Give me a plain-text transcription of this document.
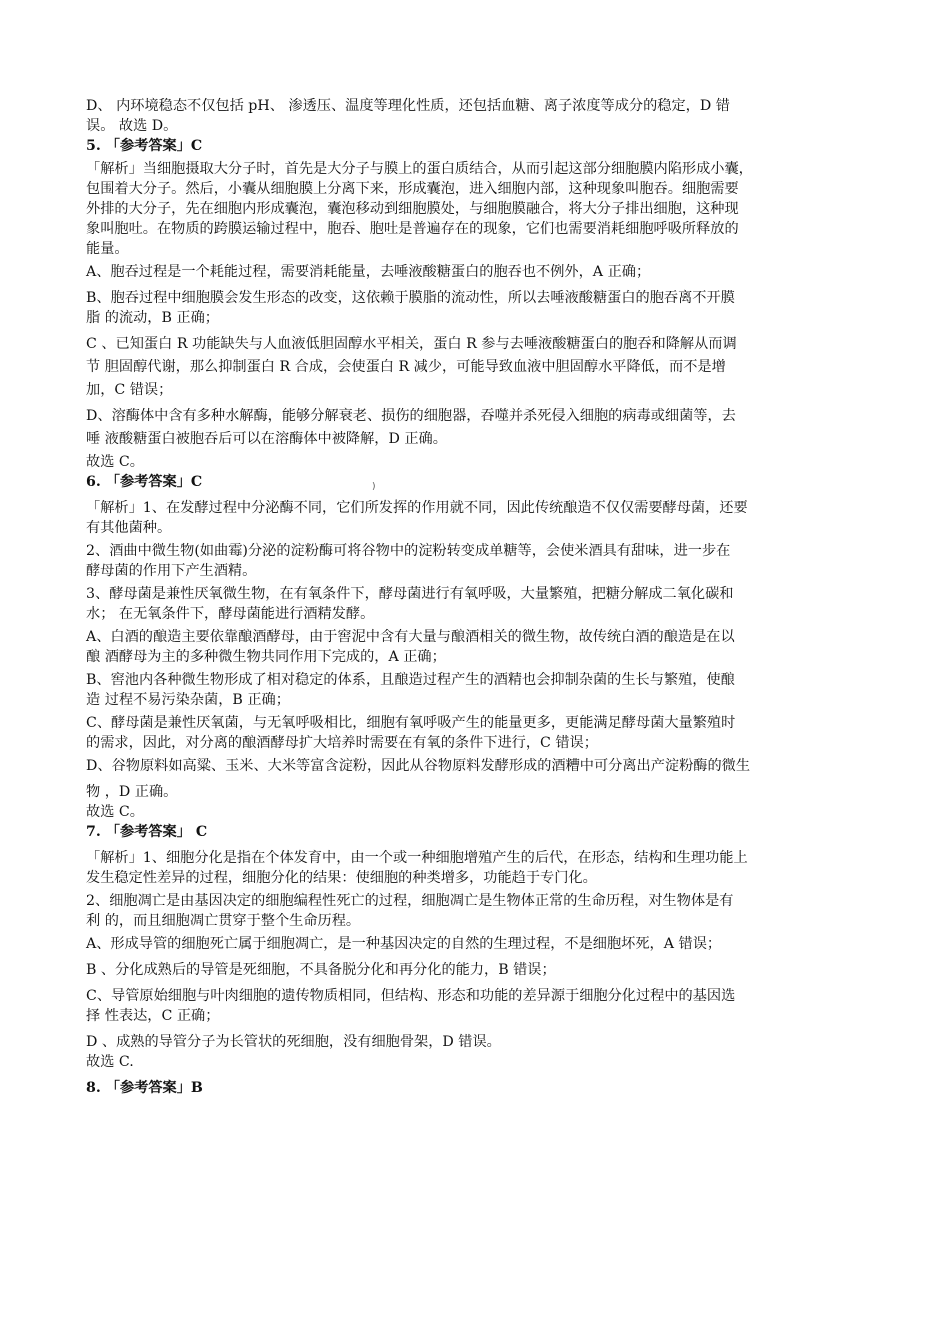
D、 内环境稳态不仅包括 pH、 渗透压、温度等理化性质，还包括血糖、离子浓度等成分的稳定，D 错
误。 故选 D。
5. 「参考答案」C
「解析」当细胞摄取大分子时，首先是大分子与膜上的蛋白质结合，从而引起这部分细胞膜内陷形成小囊，
包围着大分子。然后，小囊从细胞膜上分离下来，形成囊泡，进入细胞内部，这种现象叫胞吞。细胞需要
外排的大分子，先在细胞内形成囊泡，囊泡移动到细胞膜处，与细胞膜融合，将大分子排出细胞，这种现
象叫胞吐。在物质的跨膜运输过程中，胞吞、胞吐是普遍存在的现象，它们也需要消耗细胞呼吸所释放的
能量。
A、胞吞过程是一个耗能过程，需要消耗能量，去唾液酸糖蛋白的胞吞也不例外，A 正确；
B、胞吞过程中细胞膜会发生形态的改变，这依赖于膜脂的流动性，所以去唾液酸糖蛋白的胞吞离不开膜
脂 的流动，B 正确；
C 、已知蛋白 R 功能缺失与人血液低胆固醇水平相关，蛋白 R 参与去唾液酸糖蛋白的胞吞和降解从而调
节 胆固醇代谢，那么抑制蛋白 R 合成，会使蛋白 R 减少，可能导致血液中胆固醇水平降低，而不是增
加，C 错误；
D、溶酶体中含有多种水解酶，能够分解衰老、损伤的细胞器，吞噬并杀死侵入细胞的病毒或细菌等，去
唾 液酸糖蛋白被胞吞后可以在溶酶体中被降解，D 正确。
故选 C。
6. 「参考答案」C
「解析」1、在发酵过程中分泌酶不同，它们所发挥的作用就不同，因此传统酿造不仅仅需要酵母菌，还要
有其他菌种。
2、酒曲中微生物(如曲霉)分泌的淀粉酶可将谷物中的淀粉转变成单糖等，会使米酒具有甜味，进一步在
酵母菌的作用下产生酒精。
3、酵母菌是兼性厌氧微生物，在有氧条件下，酵母菌进行有氧呼吸，大量繁殖，把糖分解成二氧化碳和
水； 在无氧条件下，酵母菌能进行酒精发酵。
A、白酒的酿造主要依靠酿酒酵母，由于窖泥中含有大量与酿酒相关的微生物，故传统白酒的酿造是在以
酿 酒酵母为主的多种微生物共同作用下完成的，A 正确；
B、窖池内各种微生物形成了相对稳定的体系，且酿造过程产生的酒精也会抑制杂菌的生长与繁殖，使酿
造 过程不易污染杂菌，B 正确；
C、酵母菌是兼性厌氧菌，与无氧呼吸相比，细胞有氧呼吸产生的能量更多，更能满足酵母菌大量繁殖时
的需求，因此，对分离的酿酒酵母扩大培养时需要在有氧的条件下进行，C 错误；
D、谷物原料如高粱、玉米、大米等富含淀粉，因此从谷物原料发酵形成的酒糟中可分离出产淀粉酶的微生
物 ，D 正确。
故选 C。
7. 「参考答案」 C
「解析」1、细胞分化是指在个体发育中，由一个或一种细胞增殖产生的后代，在形态，结构和生理功能上
发生稳定性差异的过程，细胞分化的结果：使细胞的种类增多，功能趋于专门化。
2、细胞凋亡是由基因决定的细胞编程性死亡的过程，细胞凋亡是生物体正常的生命历程，对生物体是有
利 的，而且细胞凋亡贯穿于整个生命历程。
A、形成导管的细胞死亡属于细胞凋亡，是一种基因决定的自然的生理过程，不是细胞坏死，A 错误；
B 、分化成熟后的导管是死细胞，不具备脱分化和再分化的能力，B 错误；
C、导管原始细胞与叶肉细胞的遗传物质相同，但结构、形态和功能的差异源于细胞分化过程中的基因选
择 性表达，C 正确；
D 、成熟的导管分子为长管状的死细胞，没有细胞骨架，D 错误。
故选 C.
8. 「参考答案」B
)
